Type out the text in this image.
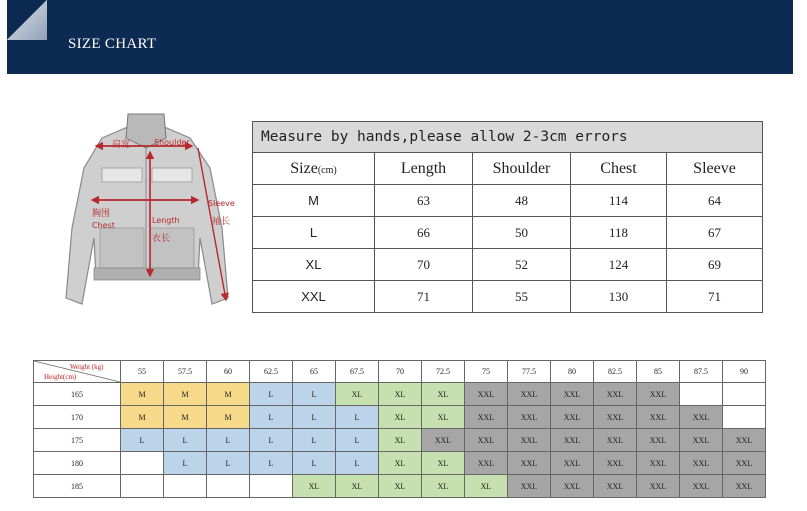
SIZE CHART
肩宽	Shoulder
Sleeve
袖长
胸围
Chest
Length
衣长
Measure by hands,please allow 2-3cm errors				
Size(cm)	Length	Shoulder	Chest	Sleeve
M	63	48	114	64
L	66	50	118	67
XL	70	52	124	69
XXL	71	55	130	71
Weight (kg)
Height(cm)	55	57.5	60	62.5	65	67.5	70	72.5	75	77.5	80	82.5	85	87.5	90
165	M	M	M	L	L	XL	XL	XL	XXL	XXL	XXL	XXL	XXL		
170	M	M	M	L	L	L	XL	XL	XXL	XXL	XXL	XXL	XXL	XXL	
175	L	L	L	L	L	L	XL	XXL	XXL	XXL	XXL	XXL	XXL	XXL	XXL
180		L	L	L	L	L	XL	XL	XXL	XXL	XXL	XXL	XXL	XXL	XXL
185					XL	XL	XL	XL	XL	XXL	XXL	XXL	XXL	XXL	XXL
